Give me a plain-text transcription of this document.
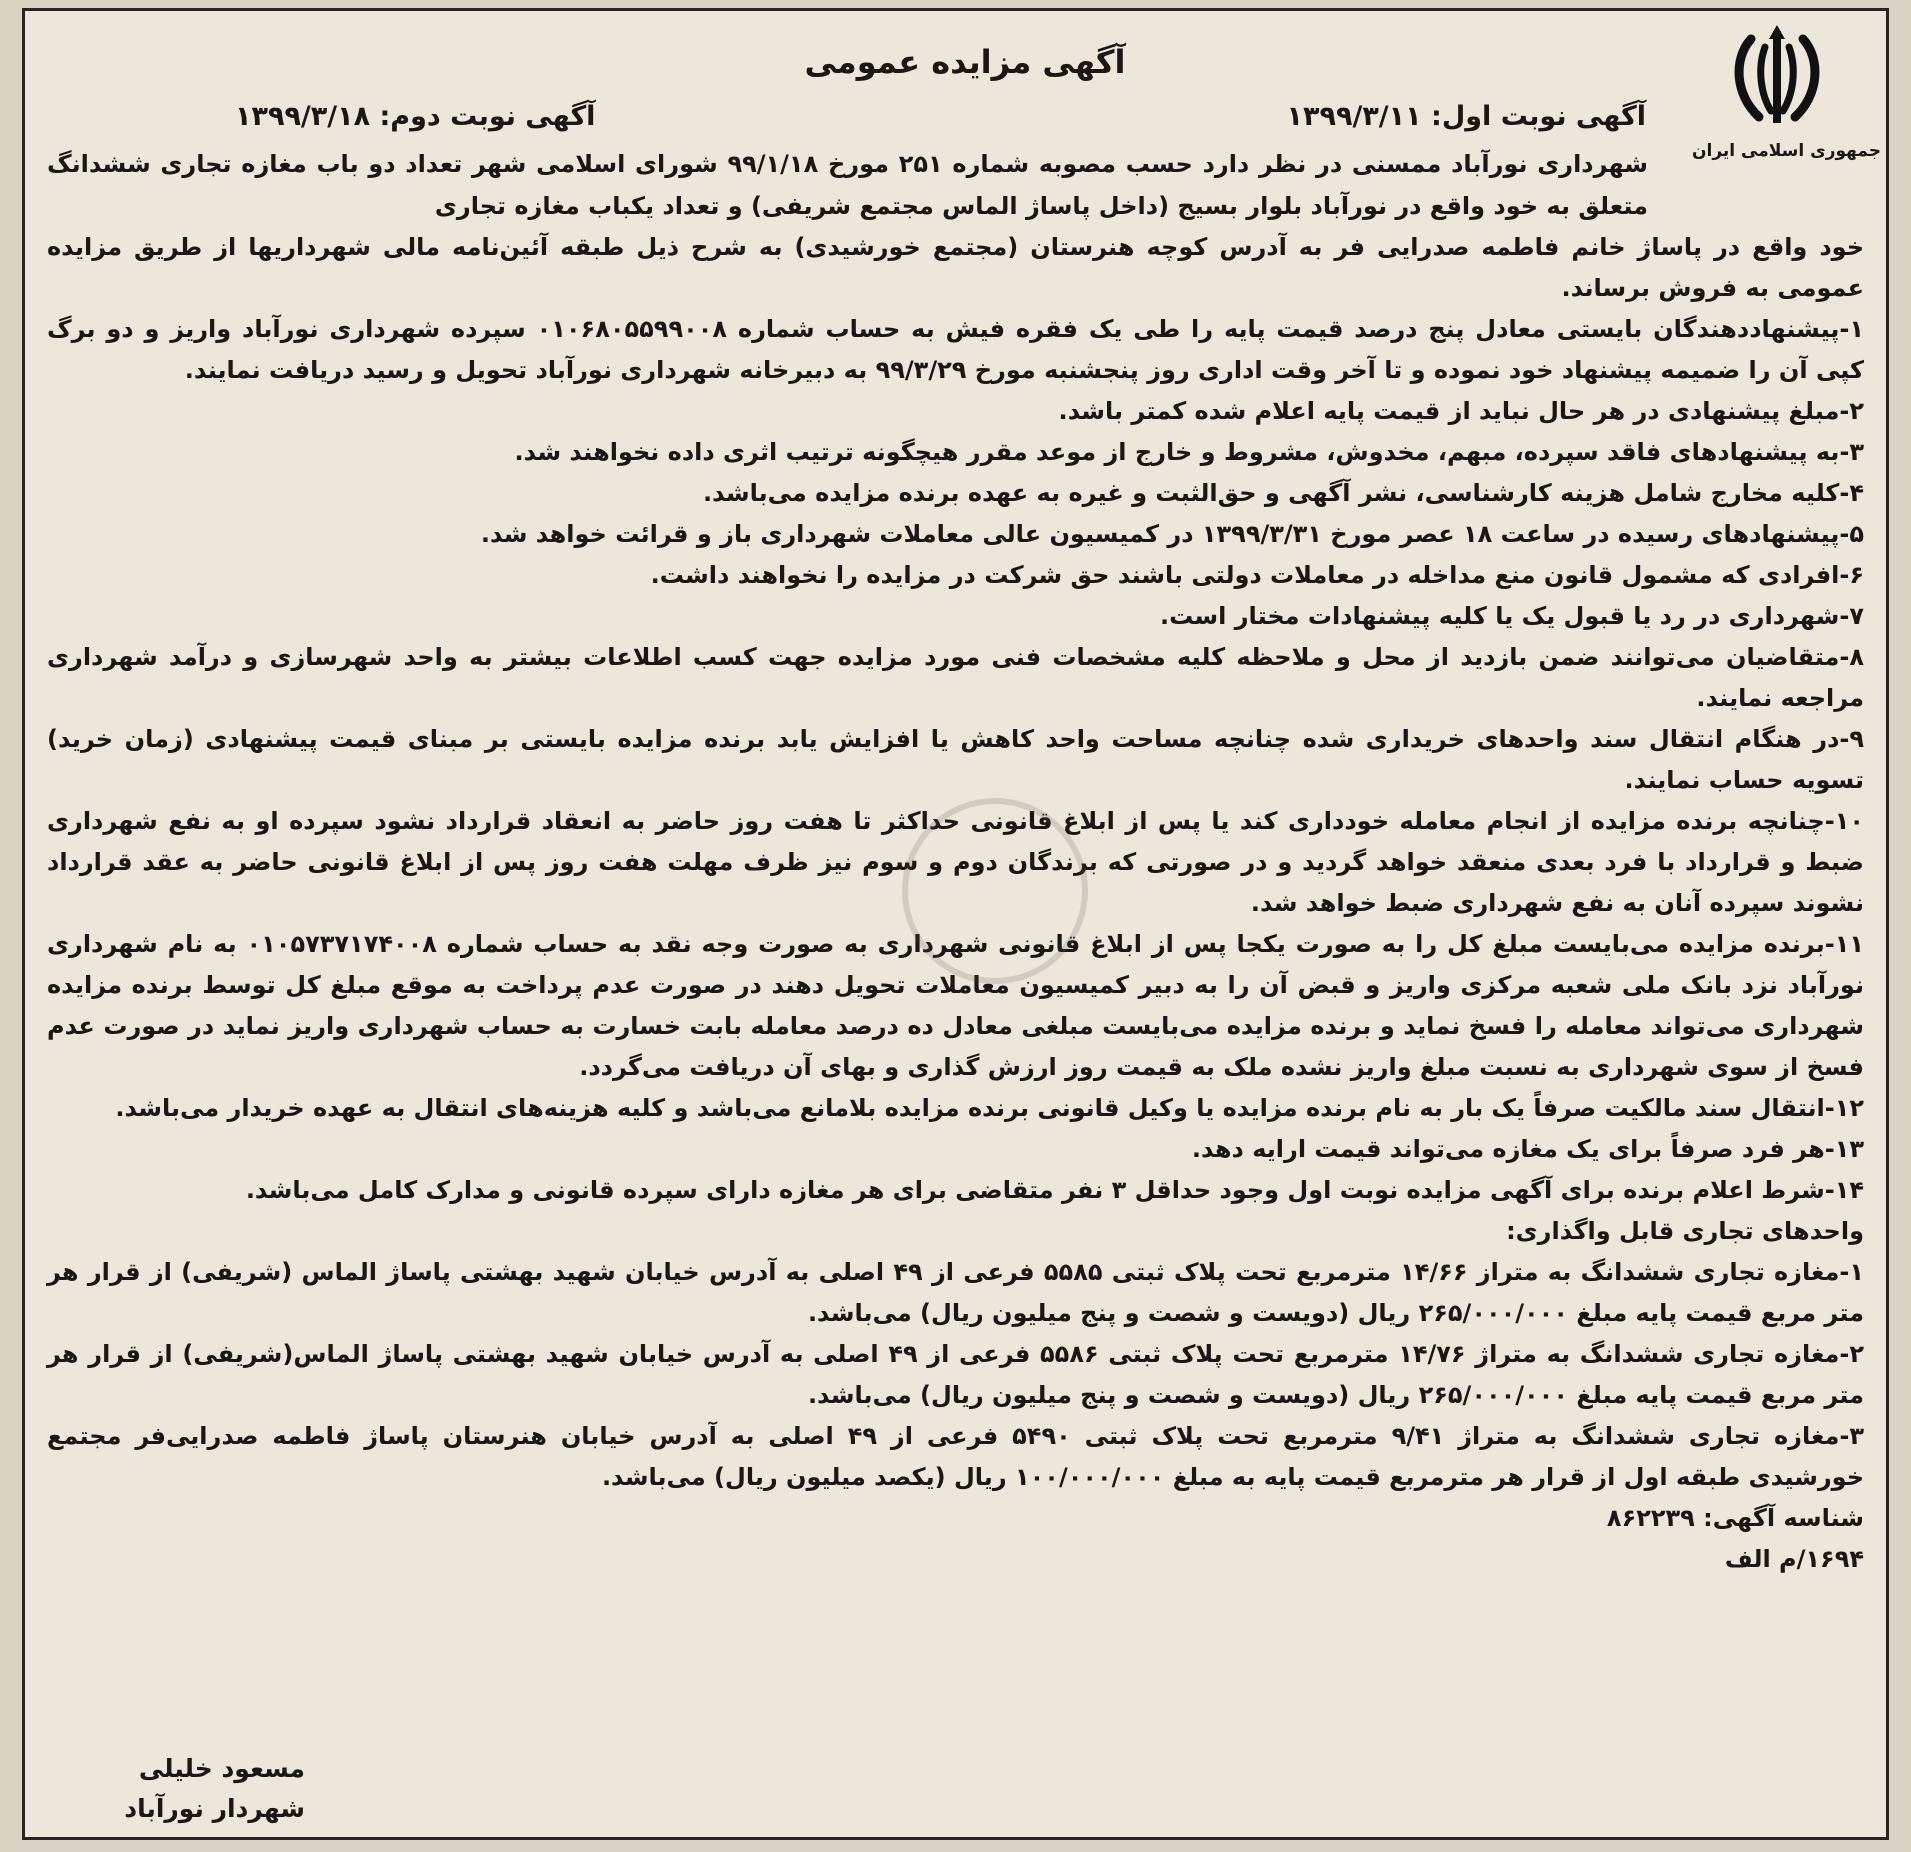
جمهوری اسلامی ایران
آگهی مزایده عمومی
آگهی نوبت اول: ۱۳۹۹/۳/۱۱
آگهی نوبت دوم: ۱۳۹۹/۳/۱۸
شهرداری نورآباد ممسنی در نظر دارد حسب مصوبه شماره ۲۵۱ مورخ ۹۹/۱/۱۸ شورای اسلامی شهر تعداد دو باب مغازه تجاری ششدانگ متعلق به خود واقع در نورآباد بلوار بسیج (داخل پاساژ الماس مجتمع شریفی) و تعداد یکباب مغازه تجاری

خود واقع در پاساژ خانم فاطمه صدرایی فر به آدرس کوچه هنرستان (مجتمع خورشیدی) به شرح ذیل طبقه آئین‌نامه مالی شهرداریها از طریق مزایده عمومی به فروش برساند.

۱-پیشنهاددهندگان بایستی معادل پنج درصد قیمت پایه را طی یک فقره فیش به حساب شماره ۰۱۰۶۸۰۵۵۹۹۰۰۸ سپرده شهرداری نورآباد واریز و دو برگ کپی آن را ضمیمه پیشنهاد خود نموده و تا آخر وقت اداری روز پنجشنبه مورخ ۹۹/۳/۲۹ به دبیرخانه شهرداری نورآباد تحویل و رسید دریافت نمایند.

۲-مبلغ پیشنهادی در هر حال نباید از قیمت پایه اعلام شده کمتر باشد.

۳-به پیشنهادهای فاقد سپرده، مبهم، مخدوش، مشروط و خارج از موعد مقرر هیچگونه ترتیب اثری داده نخواهند شد.

۴-کلیه مخارج شامل هزینه کارشناسی، نشر آگهی و حق‌الثبت و غیره به عهده برنده مزایده می‌باشد.

۵-پیشنهادهای رسیده در ساعت ۱۸ عصر مورخ ۱۳۹۹/۳/۳۱ در کمیسیون عالی معاملات شهرداری باز و قرائت خواهد شد.

۶-افرادی که مشمول قانون منع مداخله در معاملات دولتی باشند حق شرکت در مزایده را نخواهند داشت.

۷-شهرداری در رد یا قبول یک یا کلیه پیشنهادات مختار است.

۸-متقاضیان می‌توانند ضمن بازدید از محل و ملاحظه کلیه مشخصات فنی مورد مزایده جهت کسب اطلاعات بیشتر به واحد شهرسازی و درآمد شهرداری مراجعه نمایند.

۹-در هنگام انتقال سند واحدهای خریداری شده چنانچه مساحت واحد کاهش یا افزایش یابد برنده مزایده بایستی بر مبنای قیمت پیشنهادی (زمان خرید) تسویه حساب نمایند.

۱۰-چنانچه برنده مزایده از انجام معامله خودداری کند یا پس از ابلاغ قانونی حداکثر تا هفت روز حاضر به انعقاد قرارداد نشود سپرده او به نفع شهرداری ضبط و قرارداد با فرد بعدی منعقد خواهد گردید و در صورتی که برندگان دوم و سوم نیز ظرف مهلت هفت روز پس از ابلاغ قانونی حاضر به عقد قرارداد نشوند سپرده آنان به نفع شهرداری ضبط خواهد شد.

۱۱-برنده مزایده می‌بایست مبلغ کل را به صورت یکجا پس از ابلاغ قانونی شهرداری به صورت وجه نقد به حساب شماره ۰۱۰۵۷۳۷۱۷۴۰۰۸ به نام شهرداری نورآباد نزد بانک ملی شعبه مرکزی واریز و قبض آن را به دبیر کمیسیون معاملات تحویل دهند در صورت عدم پرداخت به موقع مبلغ کل توسط برنده مزایده شهرداری می‌تواند معامله را فسخ نماید و برنده مزایده می‌بایست مبلغی معادل ده درصد معامله بابت خسارت به حساب شهرداری واریز نماید در صورت عدم فسخ از سوی شهرداری به نسبت مبلغ واریز نشده ملک به قیمت روز ارزش گذاری و بهای آن دریافت می‌گردد.

۱۲-انتقال سند مالکیت صرفاً یک بار به نام برنده مزایده یا وکیل قانونی برنده مزایده بلامانع می‌باشد و کلیه هزینه‌های انتقال به عهده خریدار می‌باشد.

۱۳-هر فرد صرفاً برای یک مغازه می‌تواند قیمت ارایه دهد.

۱۴-شرط اعلام برنده برای آگهی مزایده نوبت اول وجود حداقل ۳ نفر متقاضی برای هر مغازه دارای سپرده قانونی و مدارک کامل می‌باشد.

واحدهای تجاری قابل واگذاری:

۱-مغازه تجاری ششدانگ به متراز ۱۴/۶۶ مترمربع تحت پلاک ثبتی ۵۵۸۵ فرعی از ۴۹ اصلی به آدرس خیابان شهید بهشتی پاساژ الماس (شریفی) از قرار هر متر مربع قیمت پایه مبلغ ۲۶۵/۰۰۰/۰۰۰ ریال (دویست و شصت و پنج میلیون ریال) می‌باشد.

۲-مغازه تجاری ششدانگ به متراژ ۱۴/۷۶ مترمربع تحت پلاک ثبتی ۵۵۸۶ فرعی از ۴۹ اصلی به آدرس خیابان شهید بهشتی پاساژ الماس(شریفی) از قرار هر متر مربع قیمت پایه مبلغ ۲۶۵/۰۰۰/۰۰۰ ریال (دویست و شصت و پنج میلیون ریال) می‌باشد.

۳-مغازه تجاری ششدانگ به متراژ ۹/۴۱ مترمربع تحت پلاک ثبتی ۵۴۹۰ فرعی از ۴۹ اصلی به آدرس خیابان هنرستان پاساژ فاطمه صدرایی‌فر مجتمع خورشیدی طبقه اول از قرار هر مترمربع قیمت پایه به مبلغ ۱۰۰/۰۰۰/۰۰۰ ریال (یکصد میلیون ریال) می‌باشد.

شناسه آگهی: ۸۶۲۲۳۹

۱۶۹۴/م الف

مسعود خلیلی
شهردار نورآباد
